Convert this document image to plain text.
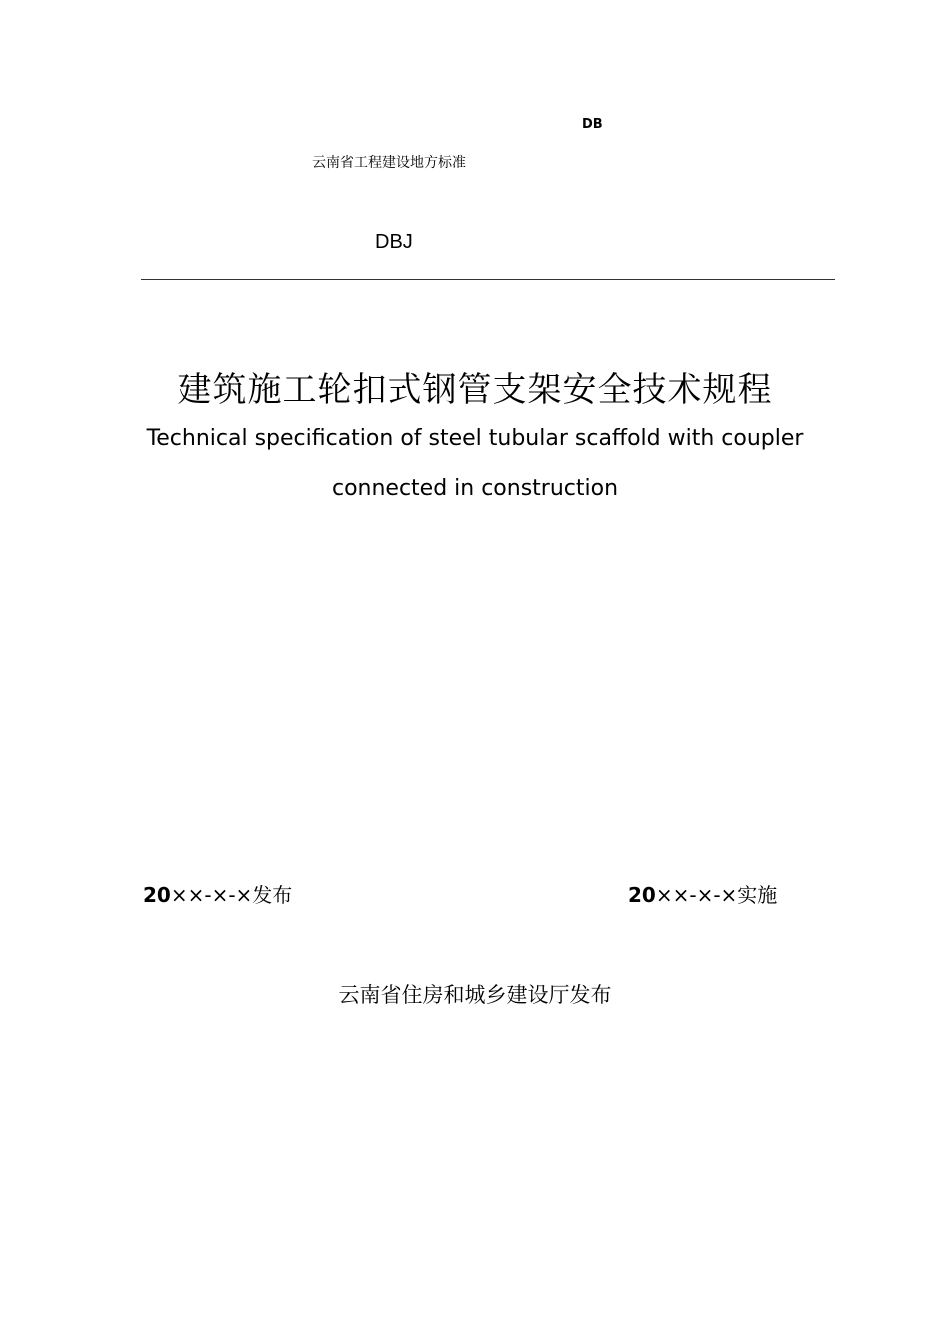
DB
云南省工程建设地方标准
DBJ
建筑施工轮扣式钢管支架安全技术规程
Technical specification of steel tubular scaffold with coupler
connected in construction
20××-×-×发布	20××-×-×实施
云南省住房和城乡建设厅发布
